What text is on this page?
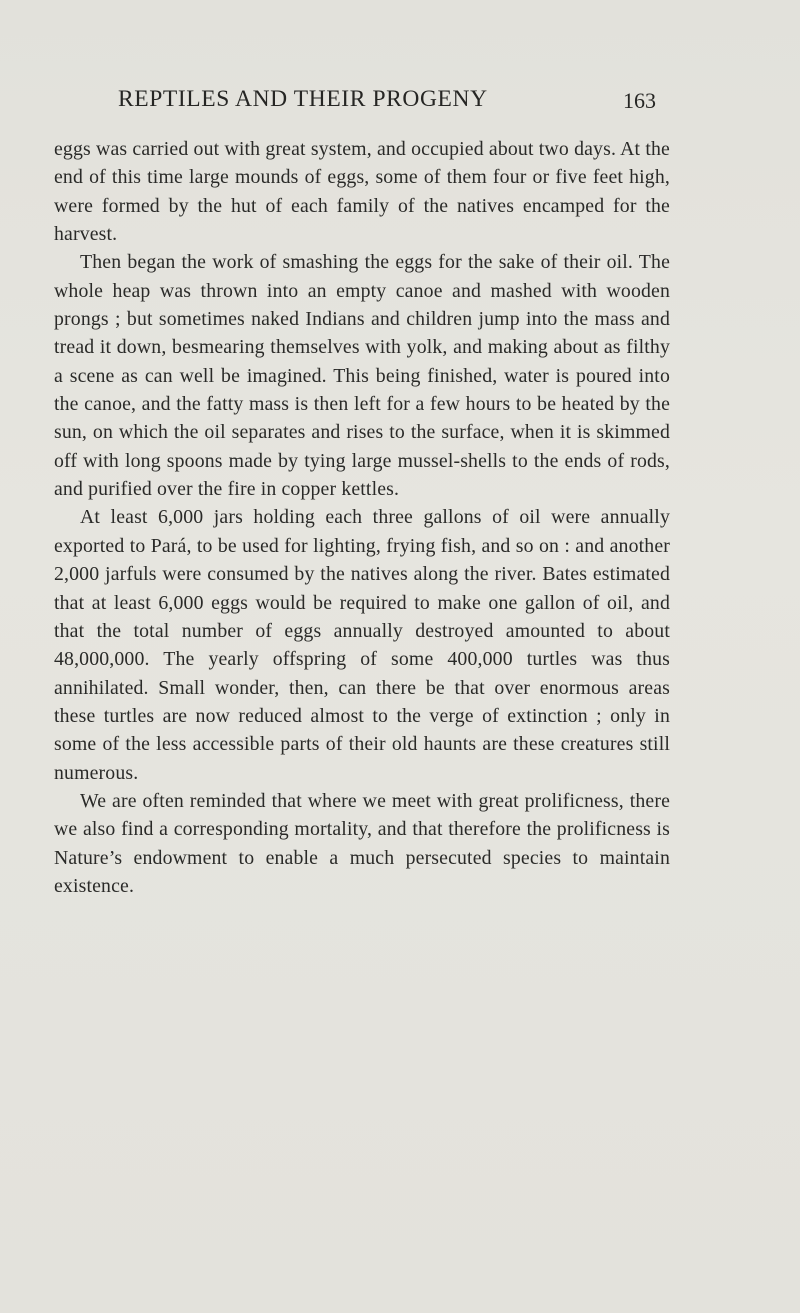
REPTILES AND THEIR PROGENY	163

eggs was carried out with great system, and occupied about two days. At the end of this time large mounds of eggs, some of them four or five feet high, were formed by the hut of each family of the natives encamped for the harvest.

Then began the work of smashing the eggs for the sake of their oil. The whole heap was thrown into an empty canoe and mashed with wooden prongs ; but sometimes naked Indians and children jump into the mass and tread it down, besmearing themselves with yolk, and making about as filthy a scene as can well be imagined. This being finished, water is poured into the canoe, and the fatty mass is then left for a few hours to be heated by the sun, on which the oil separates and rises to the surface, when it is skimmed off with long spoons made by tying large mussel-shells to the ends of rods, and purified over the fire in copper kettles.

At least 6,000 jars holding each three gallons of oil were annually exported to Pará, to be used for lighting, frying fish, and so on : and another 2,000 jarfuls were consumed by the natives along the river. Bates estimated that at least 6,000 eggs would be required to make one gallon of oil, and that the total number of eggs annually destroyed amounted to about 48,000,000. The yearly offspring of some 400,000 turtles was thus annihilated. Small wonder, then, can there be that over enormous areas these turtles are now reduced almost to the verge of extinction ; only in some of the less accessible parts of their old haunts are these creatures still numerous.

We are often reminded that where we meet with great prolificness, there we also find a corresponding mortality, and that therefore the prolificness is Nature’s endowment to enable a much persecuted species to maintain existence.
